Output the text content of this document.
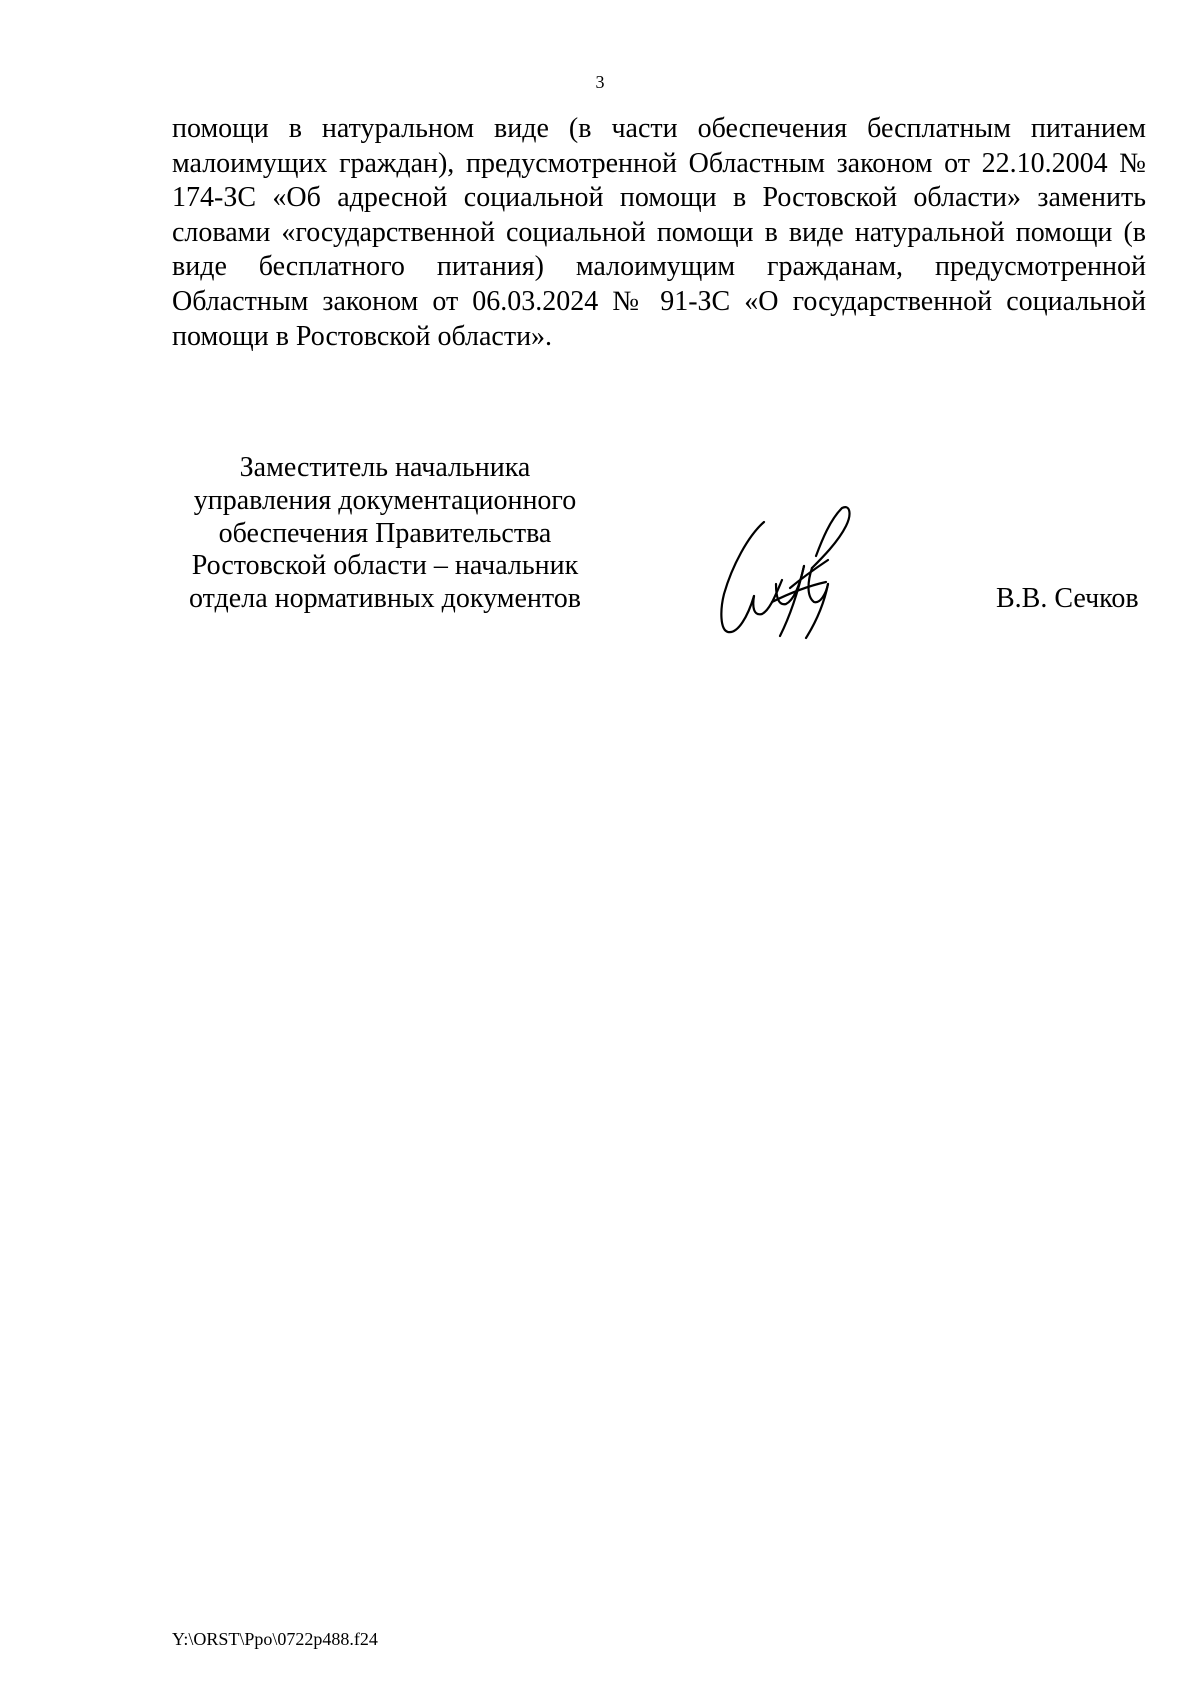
3

помощи в натуральном виде (в части обеспечения бесплатным питанием малоимущих граждан), предусмотренной Областным законом от 22.10.2004 № 174-ЗС «Об адресной социальной помощи в Ростовской области» заменить словами «государственной социальной помощи в виде натуральной помощи (в виде бесплатного питания) малоимущим гражданам, предусмотренной Областным законом от 06.03.2024 № 91-ЗС «О государственной социальной помощи в Ростовской области».

Заместитель начальника
управления документационного
обеспечения Правительства
Ростовской области – начальник
отдела нормативных документов	В.В. Сечков
Y:\ORST\Ppo\0722p488.f24
